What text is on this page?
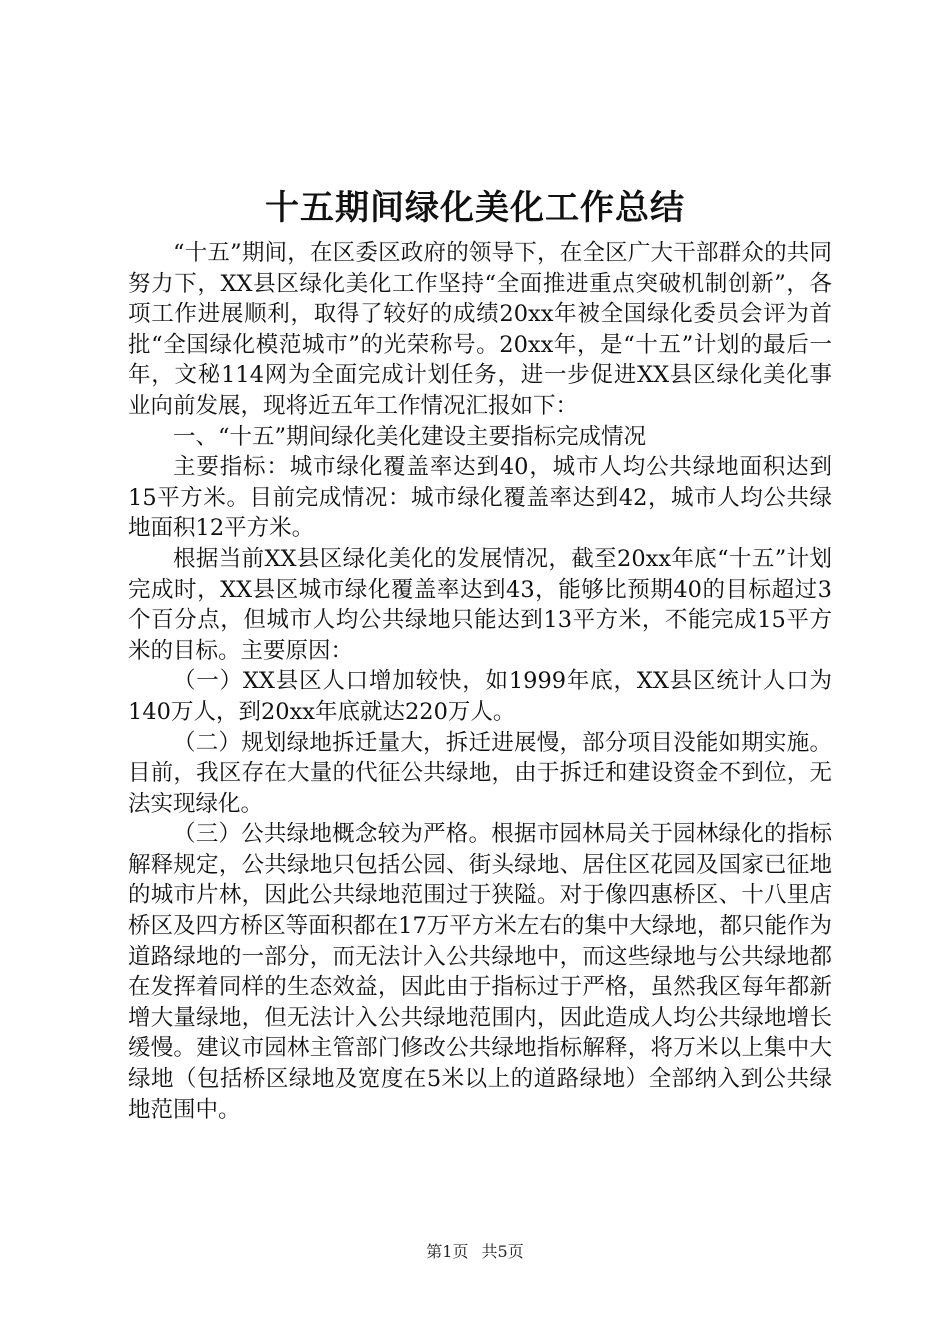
十五期间绿化美化工作总结

“十五”期间，在区委区政府的领导下，在全区广大干部群众的共同努力下，XX县区绿化美化工作坚持“全面推进重点突破机制创新”，各项工作进展顺利，取得了较好的成绩20xx年被全国绿化委员会评为首批“全国绿化模范城市”的光荣称号。20xx年，是“十五”计划的最后一年，文秘114网为全面完成计划任务，进一步促进XX县区绿化美化事业向前发展，现将近五年工作情况汇报如下：

一、“十五”期间绿化美化建设主要指标完成情况

主要指标：城市绿化覆盖率达到40，城市人均公共绿地面积达到15平方米。目前完成情况：城市绿化覆盖率达到42，城市人均公共绿地面积12平方米。

根据当前XX县区绿化美化的发展情况，截至20xx年底“十五”计划完成时，XX县区城市绿化覆盖率达到43，能够比预期40的目标超过3个百分点，但城市人均公共绿地只能达到13平方米，不能完成15平方米的目标。主要原因：

（一）XX县区人口增加较快，如1999年底，XX县区统计人口为140万人，到20xx年底就达220万人。

（二）规划绿地拆迁量大，拆迁进展慢，部分项目没能如期实施。目前，我区存在大量的代征公共绿地，由于拆迁和建设资金不到位，无法实现绿化。

（三）公共绿地概念较为严格。根据市园林局关于园林绿化的指标解释规定，公共绿地只包括公园、街头绿地、居住区花园及国家已征地的城市片林，因此公共绿地范围过于狭隘。对于像四惠桥区、十八里店桥区及四方桥区等面积都在17万平方米左右的集中大绿地，都只能作为道路绿地的一部分，而无法计入公共绿地中，而这些绿地与公共绿地都在发挥着同样的生态效益，因此由于指标过于严格，虽然我区每年都新增大量绿地，但无法计入公共绿地范围内，因此造成人均公共绿地增长缓慢。建议市园林主管部门修改公共绿地指标解释，将万米以上集中大绿地（包括桥区绿地及宽度在5米以上的道路绿地）全部纳入到公共绿地范围中。

第1页 共5页
